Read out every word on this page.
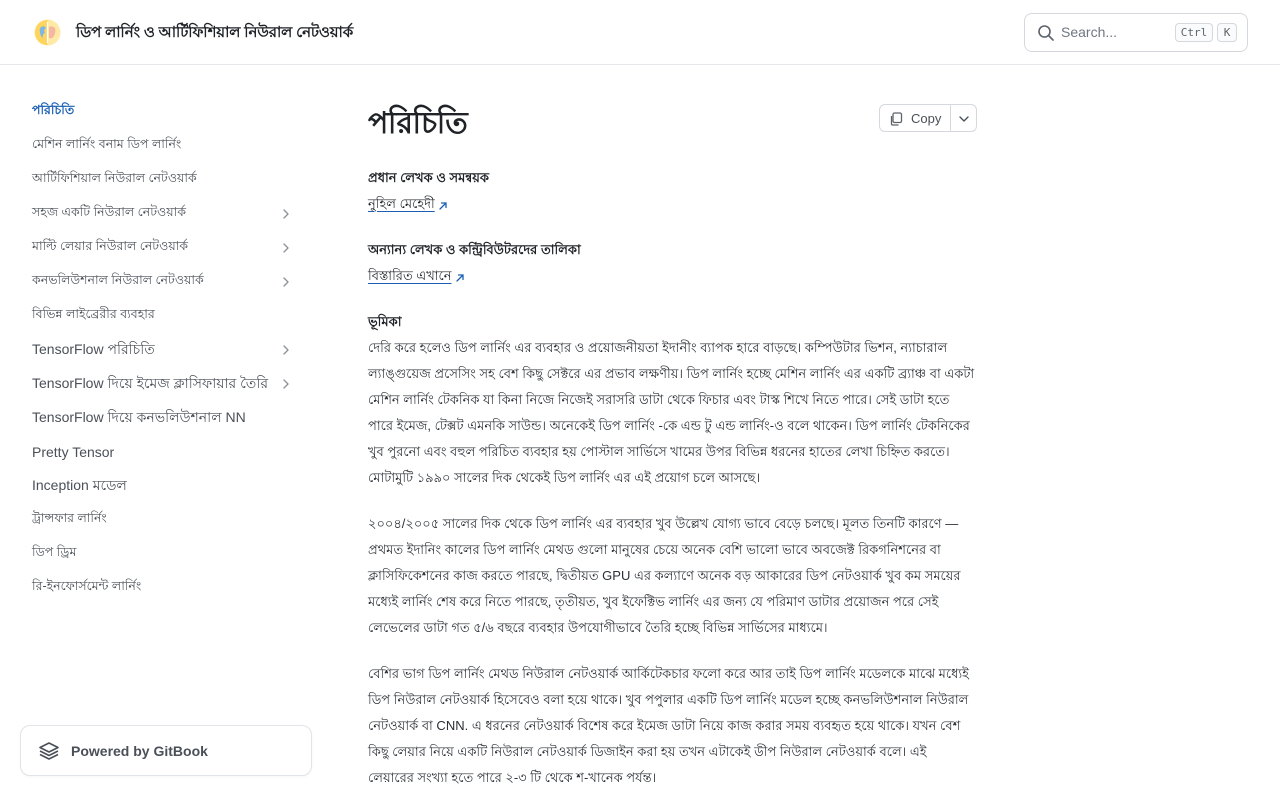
ডিপ লার্নিং ও আর্টিফিশিয়াল নিউরাল নেটওয়ার্ক	Search...	Ctrl	K
পরিচিতি
মেশিন লার্নিং বনাম ডিপ লার্নিং
আর্টিফিশিয়াল নিউরাল নেটওয়ার্ক
সহজ একটি নিউরাল নেটওয়ার্ক
মাল্টি লেয়ার নিউরাল নেটওয়ার্ক
কনভলিউশনাল নিউরাল নেটওয়ার্ক
বিভিন্ন লাইব্রেরীর ব্যবহার
TensorFlow পরিচিতি
TensorFlow দিয়ে ইমেজ ক্লাসিফায়ার তৈরি
TensorFlow দিয়ে কনভলিউশনাল NN
Pretty Tensor
Inception মডেল
ট্রান্সফার লার্নিং
ডিপ ড্রিম
রি-ইনফোর্সমেন্ট লার্নিং
Powered by GitBook
পরিচিতি	Copy
প্রধান লেখক ও সমন্বয়ক
নুহিল মেহেদী
অন্যান্য লেখক ও কন্ট্রিবিউটরদের তালিকা
বিস্তারিত এখানে
ভূমিকা

দেরি করে হলেও ডিপ লার্নিং এর ব্যবহার ও প্রয়োজনীয়তা ইদানীং ব্যাপক হারে বাড়ছে। কম্পিউটার ভিশন, ন্যাচারাল ল্যাঙ্গুয়েজ প্রসেসিং সহ বেশ কিছু সেক্টরে এর প্রভাব লক্ষণীয়। ডিপ লার্নিং হচ্ছে মেশিন লার্নিং এর একটি ব্র্যাঞ্চ বা একটা মেশিন লার্নিং টেকনিক যা কিনা নিজে নিজেই সরাসরি ডাটা থেকে ফিচার এবং টাস্ক শিখে নিতে পারে। সেই ডাটা হতে পারে ইমেজ, টেক্সট এমনকি সাউন্ড। অনেকেই ডিপ লার্নিং -কে এন্ড টু এন্ড লার্নিং-ও বলে থাকেন। ডিপ লার্নিং টেকনিকের খুব পুরনো এবং বহুল পরিচিত ব্যবহার হয় পোস্টাল সার্ভিসে খামের উপর বিভিন্ন ধরনের হাতের লেখা চিহ্নিত করতে। মোটামুটি ১৯৯০ সালের দিক থেকেই ডিপ লার্নিং এর এই প্রয়োগ চলে আসছে।

২০০৪/২০০৫ সালের দিক থেকে ডিপ লার্নিং এর ব্যবহার খুব উল্লেখ যোগ্য ভাবে বেড়ে চলছে। মূলত তিনটি কারণে — প্রথমত ইদানিং কালের ডিপ লার্নিং মেথড গুলো মানুষের চেয়ে অনেক বেশি ভালো ভাবে অবজেক্ট রিকগনিশনের বা ক্লাসিফিকেশনের কাজ করতে পারছে, দ্বিতীয়ত GPU এর কল্যাণে অনেক বড় আকারের ডিপ নেটওয়ার্ক খুব কম সময়ের মধ্যেই লার্নিং শেষ করে নিতে পারছে, তৃতীয়ত, খুব ইফেক্টিভ লার্নিং এর জন্য যে পরিমাণ ডাটার প্রয়োজন পরে সেই লেভেলের ডাটা গত ৫/৬ বছরে ব্যবহার উপযোগীভাবে তৈরি হচ্ছে বিভিন্ন সার্ভিসের মাধ্যমে।

বেশির ভাগ ডিপ লার্নিং মেথড নিউরাল নেটওয়ার্ক আর্কিটেকচার ফলো করে আর তাই ডিপ লার্নিং মডেলকে মাঝে মধ্যেই ডিপ নিউরাল নেটওয়ার্ক হিসেবেও বলা হয়ে থাকে। খুব পপুলার একটি ডিপ লার্নিং মডেল হচ্ছে কনভলিউশনাল নিউরাল নেটওয়ার্ক বা CNN. এ ধরনের নেটওয়ার্ক বিশেষ করে ইমেজ ডাটা নিয়ে কাজ করার সময় ব্যবহৃত হয়ে থাকে। যখন বেশ কিছু লেয়ার নিয়ে একটি নিউরাল নেটওয়ার্ক ডিজাইন করা হয় তখন এটাকেই ডীপ নিউরাল নেটওয়ার্ক বলে। এই লেয়ারের সংখ্যা হতে পারে ২-৩ টি থেকে শ-খানেক পর্যন্ত।
